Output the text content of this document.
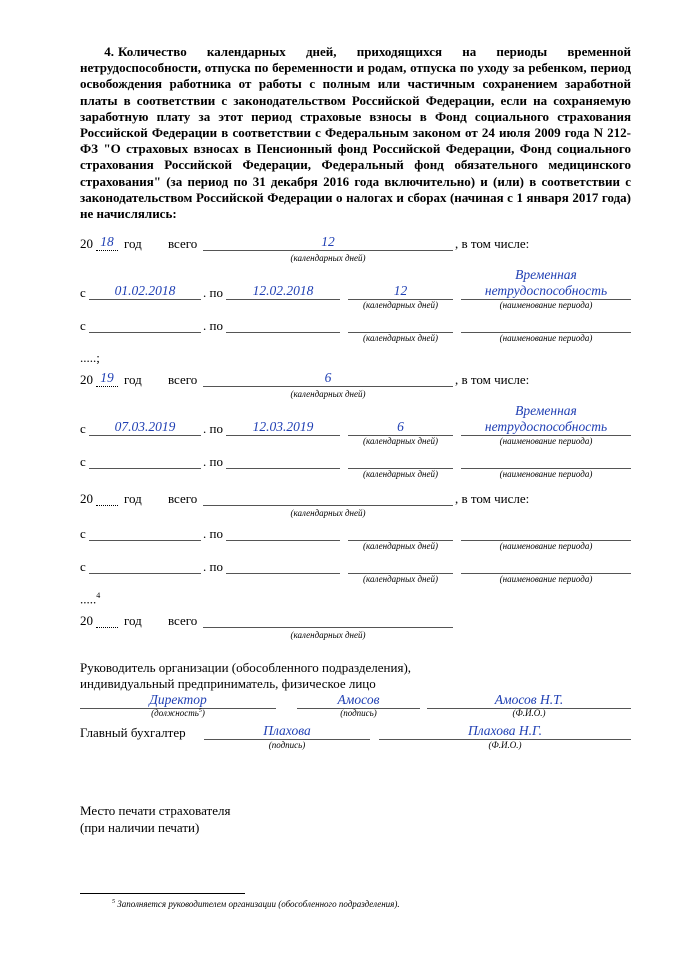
4. Количество календарных дней, приходящихся на периоды временной нетрудоспособности, отпуска по беременности и родам, отпуска по уходу за ребенком, период освобождения работника от работы с полным или частичным сохранением заработной платы в соответствии с законодательством Российской Федерации, если на сохраняемую заработную плату за этот период страховые взносы в Фонд социального страхования Российской Федерации в соответствии с Федеральным законом от 24 июля 2009 года N 212-ФЗ "О страховых взносах в Пенсионный фонд Российской Федерации, Фонд социального страхования Российской Федерации, Федеральный фонд обязательного медицинского страхования" (за период по 31 декабря 2016 года включительно) и (или) в соответствии с законодательством Российской Федерации о налогах и сборах (начиная с 1 января 2017 года) не начислялись:
20 18 год всего	12	, в том числе:
(календарных дней)
с	01.02.2018	. по	12.02.2018	12
Временная
нетрудоспособность
(календарных дней)	(наименование периода)
с	. по
(календарных дней)	(наименование периода)
.....;
20 19 год всего	6	, в том числе:
(календарных дней)
с	07.03.2019	. по	12.03.2019	6
Временная
нетрудоспособность
(календарных дней)	(наименование периода)
с	. по
(календарных дней)	(наименование периода)
20 год всего	, в том числе:
(календарных дней)
с	. по
(календарных дней)	(наименование периода)
с	. по
(календарных дней)	(наименование периода)
.....$^4$
20 год всего
(календарных дней)
Руководитель организации (обособленного подразделения),
индивидуальный предприниматель, физическое лицо
Директор
(должность$^5$)
Амосов
(подпись)
Амосов Н.Т.
(Ф.И.О.)
Главный бухгалтер	Плахова
(подпись)
Плахова Н.Г.
(Ф.И.О.)
Место печати страхователя
(при наличии печати)
$^5$ Заполняется руководителем организации (обособленного подразделения).
